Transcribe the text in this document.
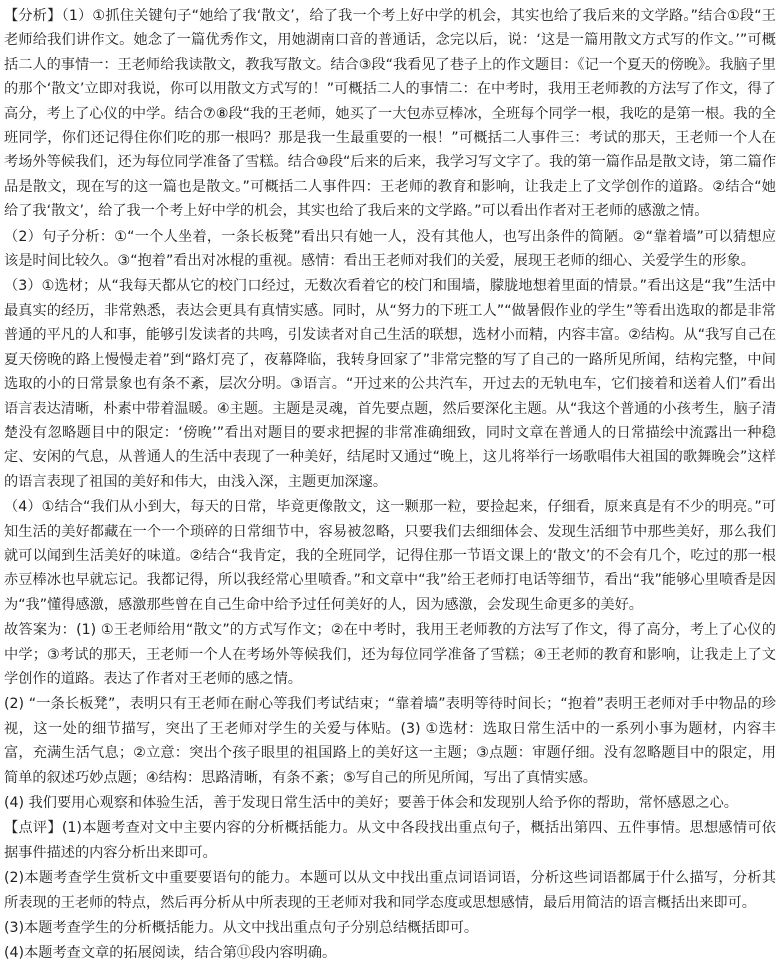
【分析】（1）①抓住关键句子“她给了我‘散文’，给了我一个考上好中学的机会，其实也给了我后来的文学路。”结合①段“王老师给我们讲作文。她念了一篇优秀作文，用她湖南口音的普通话，念完以后，说：‘这是一篇用散文方式写的作文。’”可概括二人的事情一：王老师给我读散文，教我写散文。结合③段“我看见了巷子上的作文题目：《记一个夏天的傍晚》。我脑子里的那个‘散文’立即对我说，你可以用散文方式写的！”可概括二人的事情二：在中考时，我用王老师教的方法写了作文，得了高分，考上了心仪的中学。结合⑦⑧段“我的王老师，她买了一大包赤豆棒冰，全班每个同学一根，我吃的是第一根。我的全班同学，你们还记得住你们吃的那一根吗？那是我一生最重要的一根！”可概括二人事件三：考试的那天，王老师一个人在考场外等候我们，还为每位同学准备了雪糕。结合⑩段“后来的后来，我学习写文字了。我的第一篇作品是散文诗，第二篇作品是散文，现在写的这一篇也是散文。”可概括二人事件四：王老师的教育和影响，让我走上了文学创作的道路。②结合“她给了我‘散文’，给了我一个考上好中学的机会，其实也给了我后来的文学路。”可以看出作者对王老师的感激之情。

（2）句子分析：①“一个人坐着，一条长板凳”看出只有她一人，没有其他人，也写出条件的简陋。②“靠着墙”可以猜想应该是时间比较久。③“抱着”看出对冰棍的重视。感情：看出王老师对我们的关爱，展现王老师的细心、关爱学生的形象。

（3）①选材；从“我每天都从它的校门口经过，无数次看着它的校门和围墙，朦胧地想着里面的情景。”看出这是“我”生活中最真实的经历，非常熟悉，表达会更具有真情实感。同时，从“努力的下班工人”“做暑假作业的学生”等看出选取的都是非常普通的平凡的人和事，能够引发读者的共鸣，引发读者对自己生活的联想，选材小而精，内容丰富。②结构。从“我写自己在夏天傍晚的路上慢慢走着”到“路灯亮了，夜幕降临，我转身回家了”非常完整的写了自己的一路所见所闻，结构完整，中间选取的小的日常景象也有条不紊，层次分明。③语言。“开过来的公共汽车，开过去的无轨电车，它们接着和送着人们”看出语言表达清晰，朴素中带着温暖。④主题。主题是灵魂，首先要点题，然后要深化主题。从“我这个普通的小孩考生，脑子清楚没有忽略题目中的限定：‘傍晚’”看出对题目的要求把握的非常准确细致，同时文章在普通人的日常描绘中流露出一种稳定、安闲的气息，从普通人的生活中表现了一种美好，结尾时又通过“晚上，这儿将举行一场歌唱伟大祖国的歌舞晚会”这样的语言表现了祖国的美好和伟大，由浅入深，主题更加深邃。

（4）①结合“我们从小到大，每天的日常，毕竟更像散文，这一颗那一粒，要捡起来，仔细看，原来真是有不少的明亮。”可知生活的美好都藏在一个一个琐碎的日常细节中，容易被忽略，只要我们去细细体会、发现生活细节中那些美好，那么我们就可以闻到生活美好的味道。②结合“我肯定，我的全班同学，记得住那一节语文课上的‘散文’的不会有几个，吃过的那一根赤豆棒冰也早就忘记。我都记得，所以我经常心里喷香。”和文章中“我”给王老师打电话等细节，看出“我”能够心里喷香是因为“我”懂得感激，感激那些曾在自己生命中给予过任何美好的人，因为感激，会发现生命更多的美好。

故答案为：(1) ①王老师给用“散文”的方式写作文；②在中考时，我用王老师教的方法写了作文，得了高分，考上了心仪的中学；③考试的那天，王老师一个人在考场外等候我们，还为每位同学准备了雪糕；④王老师的教育和影响，让我走上了文学创作的道路。表达了作者对王老师的感之情。

(2) “一条长板凳”，表明只有王老师在耐心等我们考试结束；“靠着墙”表明等待时间长；“抱着”表明王老师对手中物品的珍视，这一处的细节描写，突出了王老师对学生的关爱与体贴。(3) ①选材：选取日常生活中的一系列小事为题材，内容丰富，充满生活气息；②立意：突出个孩子眼里的祖国路上的美好这一主题；③点题：审题仔细。没有忽略题目中的限定，用简单的叙述巧妙点题；④结构：思路清晰，有条不紊；⑤写自己的所见所闻，写出了真情实感。

(4) 我们要用心观察和体验生活，善于发现日常生活中的美好；要善于体会和发现别人给予你的帮助，常怀感恩之心。

【点评】(1)本题考查对文中主要内容的分析概括能力。从文中各段找出重点句子，概括出第四、五件事情。思想感情可依据事件描述的内容分析出来即可。

(2)本题考查学生赏析文中重要要语句的能力。本题可以从文中找出重点词语词语，分析这些词语都属于什么描写，分析其所表现的王老师的特点，然后再分析从中所表现的王老师对我和同学态度或思想感情，最后用简洁的语言概括出来即可。

(3)本题考查学生的分析概括能力。从文中找出重点句子分别总结概括即可。

(4)本题考查文章的拓展阅读，结合第⑪段内容明确。
